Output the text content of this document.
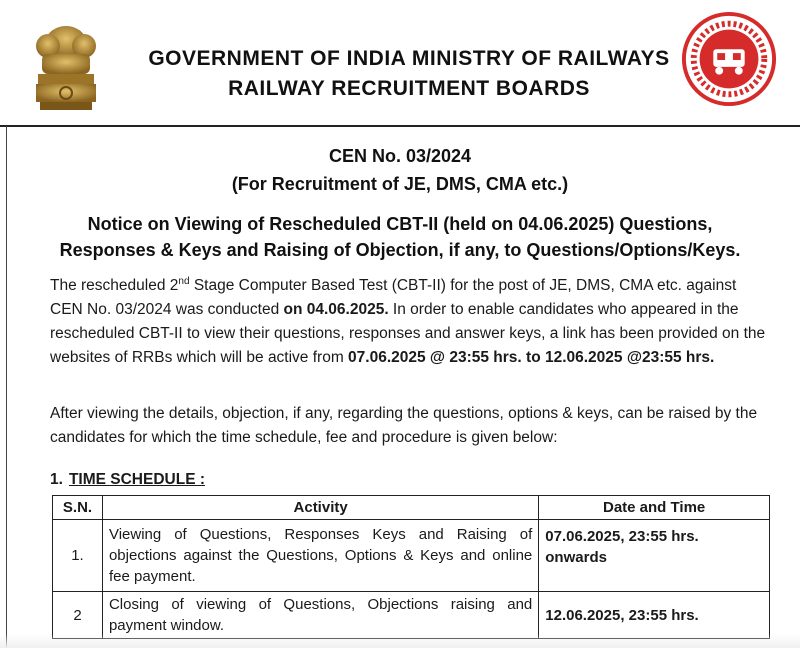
GOVERNMENT OF INDIA MINISTRY OF RAILWAYS
RAILWAY RECRUITMENT BOARDS
CEN No. 03/2024
(For Recruitment of JE, DMS, CMA etc.)
Notice on Viewing of Rescheduled CBT-II (held on 04.06.2025) Questions,
Responses & Keys and Raising of Objection, if any, to Questions/Options/Keys.

The rescheduled 2nd Stage Computer Based Test (CBT-II) for the post of JE, DMS, CMA etc. against CEN No. 03/2024 was conducted on 04.06.2025. In order to enable candidates who appeared in the rescheduled CBT-II to view their questions, responses and answer keys, a link has been provided on the websites of RRBs which will be active from 07.06.2025 @ 23:55 hrs. to 12.06.2025 @23:55 hrs.

After viewing the details, objection, if any, regarding the questions, options & keys, can be raised by the candidates for which the time schedule, fee and procedure is given below:

1. TIME SCHEDULE :
S.N.	Activity	Date and Time
1.	Viewing of Questions, Responses Keys and Raising of objections against the Questions, Options & Keys and online fee payment.	07.06.2025, 23:55 hrs. onwards
2	Closing of viewing of Questions, Objections raising and payment window.	12.06.2025, 23:55 hrs.
